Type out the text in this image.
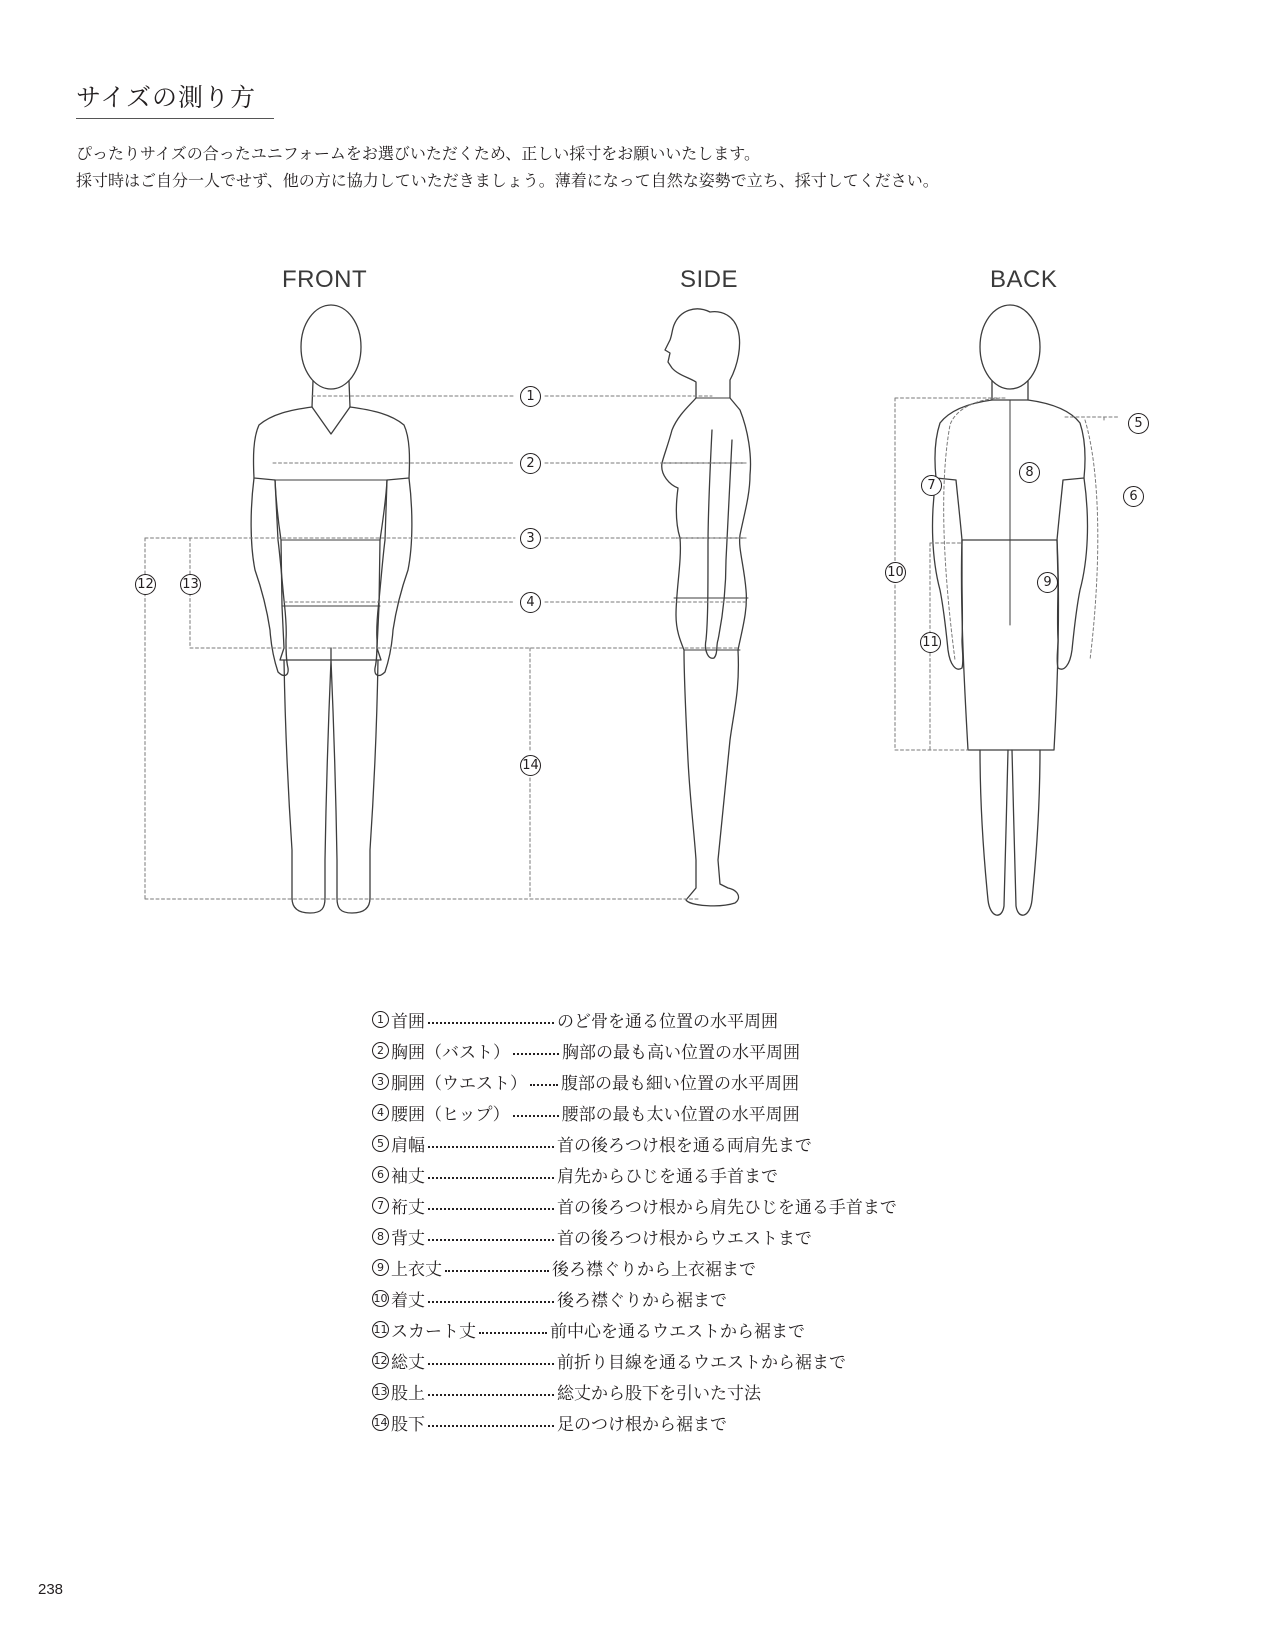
サイズの測り方

ぴったりサイズの合ったユニフォームをお選びいただくため、正しい採寸をお願いいたします。

採寸時はご自分一人でせず、他の方に協力していただきましょう。薄着になって自然な姿勢で立ち、採寸してください。

FRONT	SIDE	BACK
1
2
3
4
5
6
7
8
9
10
11
12 13
14
1 首囲	のど骨を通る位置の水平周囲
2 胸囲（バスト）	胸部の最も高い位置の水平周囲
3 胴囲（ウエスト） 腹部の最も細い位置の水平周囲
4 腰囲（ヒップ）	腰部の最も太い位置の水平周囲
5 肩幅	首の後ろつけ根を通る両肩先まで
6 袖丈	肩先からひじを通る手首まで
7 裄丈	首の後ろつけ根から肩先ひじを通る手首まで
8 背丈	首の後ろつけ根からウエストまで
9 上衣丈	後ろ襟ぐりから上衣裾まで
10 着丈	後ろ襟ぐりから裾まで
11 スカート丈	前中心を通るウエストから裾まで
12 総丈	前折り目線を通るウエストから裾まで
13 股上	総丈から股下を引いた寸法
14 股下	足のつけ根から裾まで
238
